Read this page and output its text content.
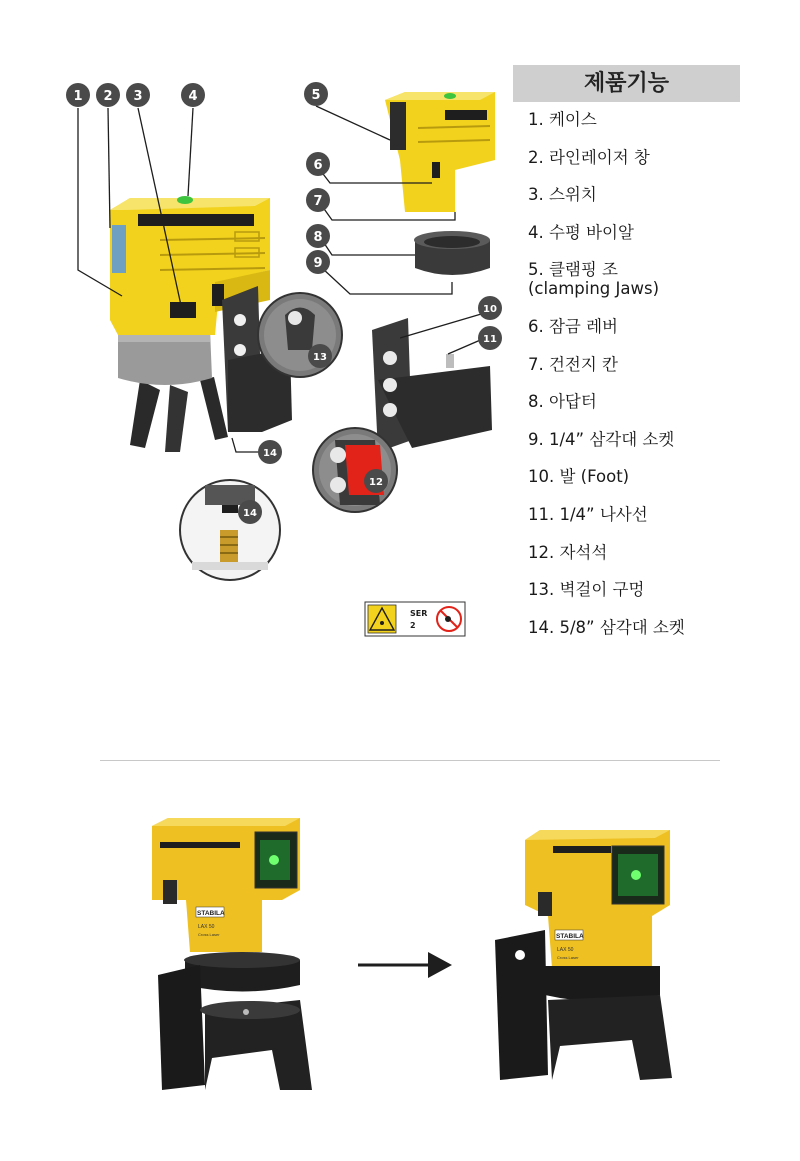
1 2 3	4	5
6
7
8
9
10
11
12
13
14
14
SER
2
제품기능
1. 케이스
2. 라인레이저 창
3. 스위치
4. 수평 바이알
5. 클램핑 조
(clamping Jaws)
6. 잠금 레버
7. 건전지 칸
8. 아답터
9. 1/4” 삼각대 소켓
10. 발 (Foot)
11. 1/4” 나사선
12. 자석석
13. 벽걸이 구멍
14. 5/8” 삼각대 소켓
STABILA
LAX 50
Cross Laser	STABILA
LAX 50
Cross Laser
